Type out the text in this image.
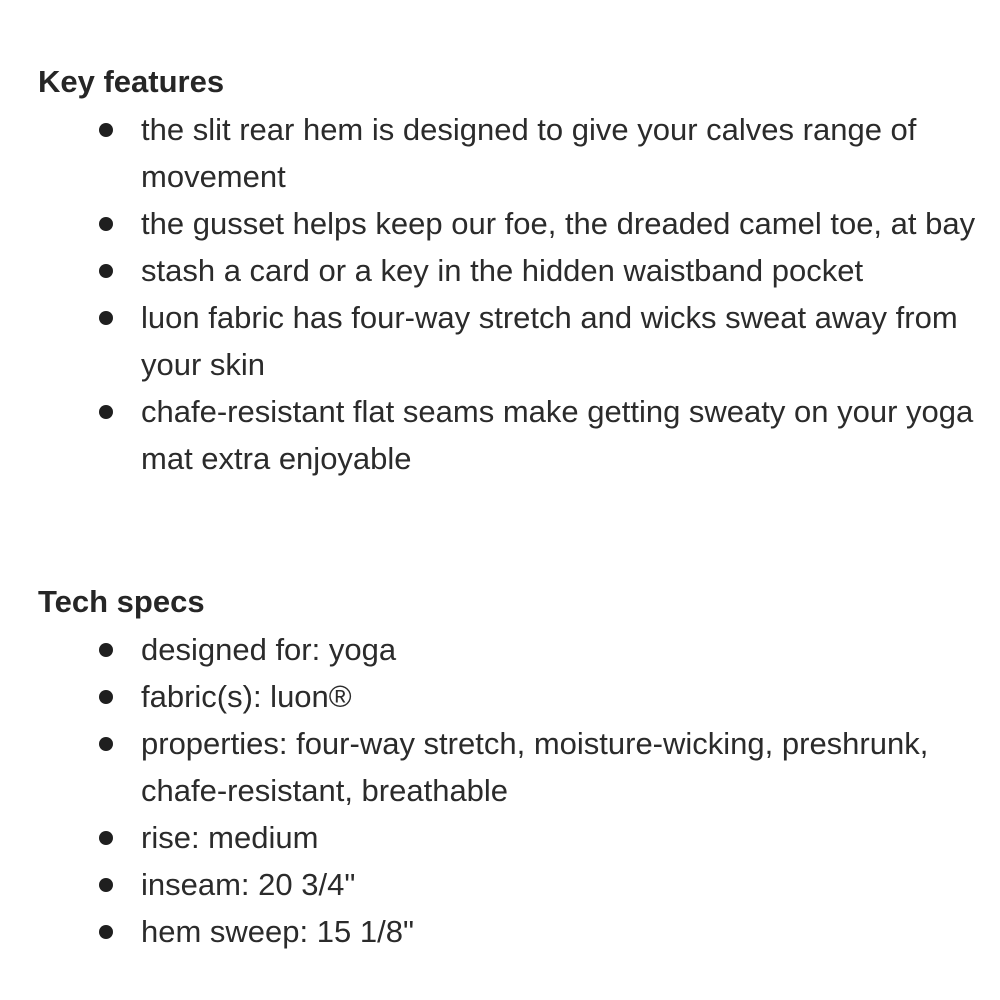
Key features
the slit rear hem is designed to give your calves range of movement
the gusset helps keep our foe, the dreaded camel toe, at bay
stash a card or a key in the hidden waistband pocket
luon fabric has four-way stretch and wicks sweat away from your skin
chafe-resistant flat seams make getting sweaty on your yoga mat extra enjoyable
Tech specs
designed for: yoga
fabric(s): luon®
properties: four-way stretch, moisture-wicking, preshrunk, chafe-resistant, breathable
rise: medium
inseam: 20 3/4"
hem sweep: 15 1/8"
